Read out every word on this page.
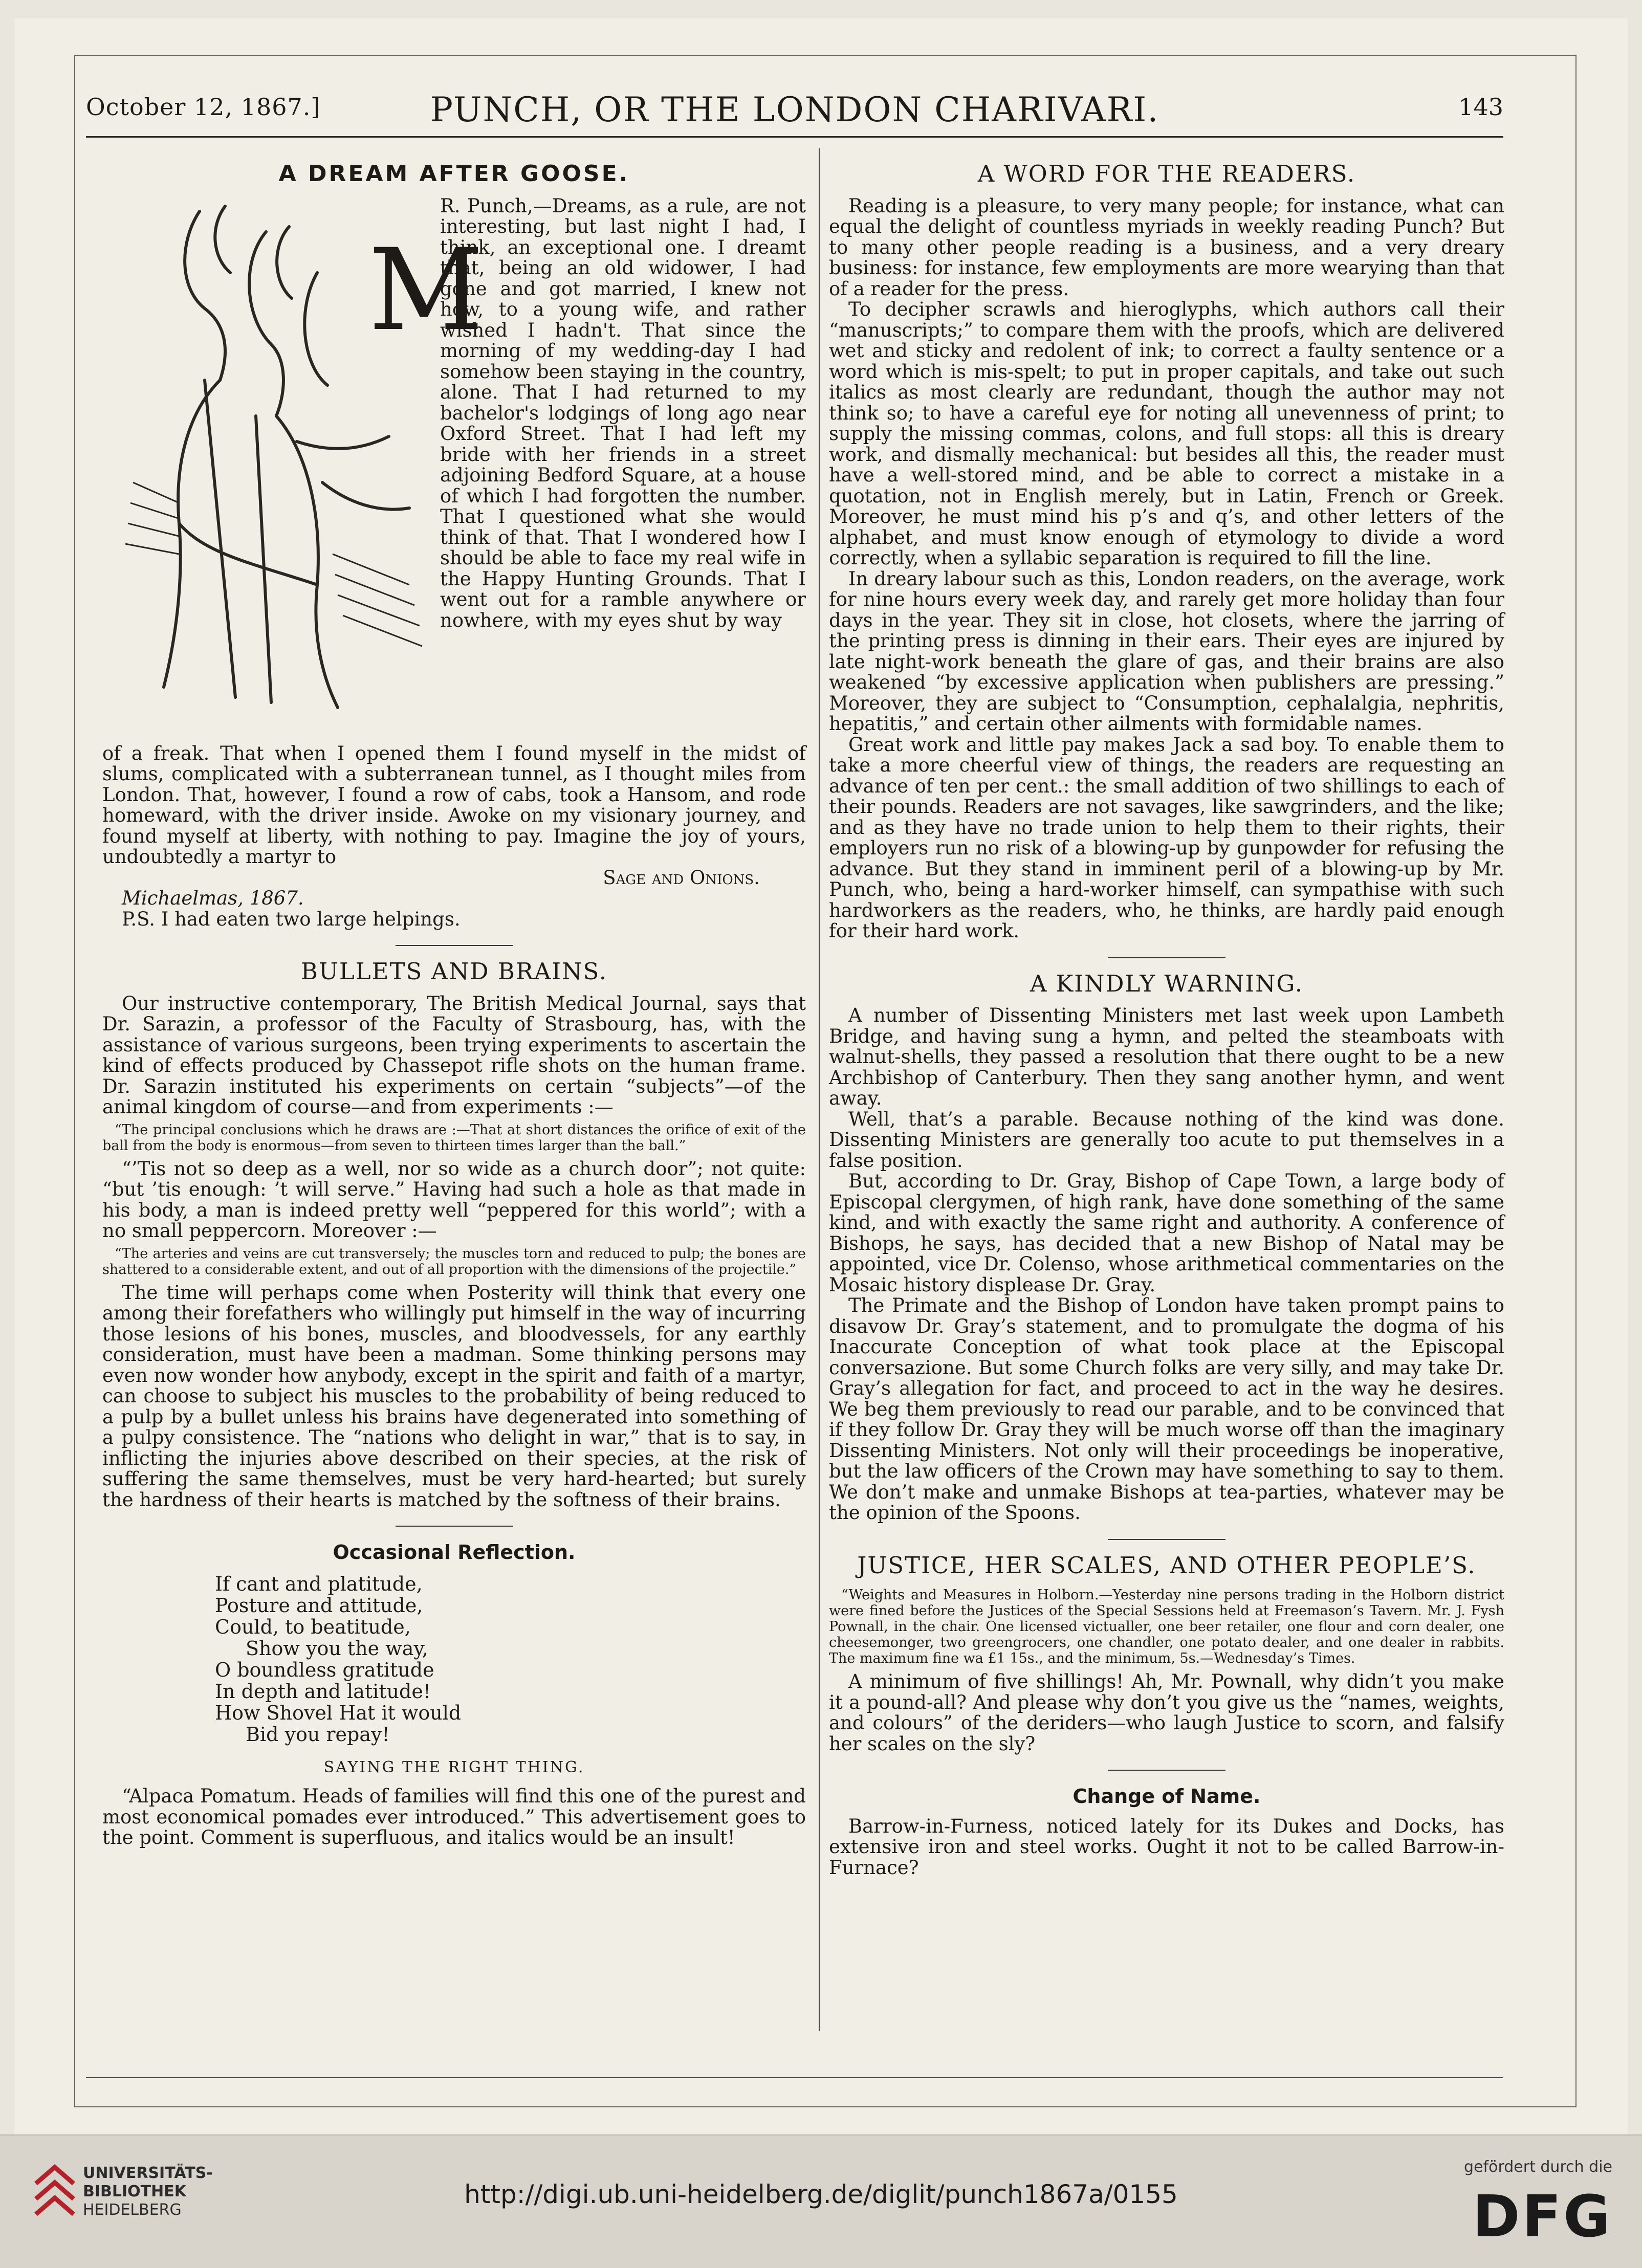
October 12, 1867.]	PUNCH, OR THE LONDON CHARIVARI.	143
A DREAM AFTER GOOSE.
M

R. Punch,—Dreams, as a rule, are not interesting, but last night I had, I think, an exceptional one. I dreamt that, being an old widower, I had gone and got married, I knew not how, to a young wife, and rather wished I hadn't. That since the morning of my wedding-day I had somehow been staying in the country, alone. That I had returned to my bachelor's lodgings of long ago near Oxford Street. That I had left my bride with her friends in a street adjoining Bedford Square, at a house of which I had forgotten the number. That I questioned what she would think of that. That I wondered how I should be able to face my real wife in the Happy Hunting Grounds. That I went out for a ramble anywhere or nowhere, with my eyes shut by way

of a freak. That when I opened them I found myself in the midst of slums, complicated with a subterranean tunnel, as I thought miles from London. That, however, I found a row of cabs, took a Hansom, and rode homeward, with the driver inside. Awoke on my visionary journey, and found myself at liberty, with nothing to pay. Imagine the joy of yours, undoubtedly a martyr to

Sage and Onions.

Michaelmas, 1867.

P.S. I had eaten two large helpings.

BULLETS AND BRAINS.

Our instructive contemporary, The British Medical Journal, says that Dr. Sarazin, a professor of the Faculty of Strasbourg, has, with the assistance of various surgeons, been trying experiments to ascertain the kind of effects produced by Chassepot rifle shots on the human frame. Dr. Sarazin instituted his experiments on certain “subjects”—of the animal kingdom of course—and from experiments :—

“The principal conclusions which he draws are :—That at short distances the orifice of exit of the ball from the body is enormous—from seven to thirteen times larger than the ball.”

“’Tis not so deep as a well, nor so wide as a church door”; not quite: “but ’tis enough: ’t will serve.” Having had such a hole as that made in his body, a man is indeed pretty well “peppered for this world”; with a no small peppercorn. Moreover :—

“The arteries and veins are cut transversely; the muscles torn and reduced to pulp; the bones are shattered to a considerable extent, and out of all proportion with the dimensions of the projectile.”

The time will perhaps come when Posterity will think that every one among their forefathers who willingly put himself in the way of incurring those lesions of his bones, muscles, and bloodvessels, for any earthly consideration, must have been a madman. Some thinking persons may even now wonder how anybody, except in the spirit and faith of a martyr, can choose to subject his muscles to the probability of being reduced to a pulp by a bullet unless his brains have degenerated into something of a pulpy consistence. The “nations who delight in war,” that is to say, in inflicting the injuries above described on their species, at the risk of suffering the same themselves, must be very hard-hearted; but surely the hardness of their hearts is matched by the softness of their brains.

Occasional Reflection.
If cant and platitude,
Posture and attitude,
Could, to beatitude,
Show you the way,
O boundless gratitude
In depth and latitude!
How Shovel Hat it would
Bid you repay!
SAYING THE RIGHT THING.

“Alpaca Pomatum. Heads of families will find this one of the purest and most economical pomades ever introduced.” This advertisement goes to the point. Comment is superfluous, and italics would be an insult!

A WORD FOR THE READERS.

Reading is a pleasure, to very many people; for instance, what can equal the delight of countless myriads in weekly reading Punch? But to many other people reading is a business, and a very dreary business: for instance, few employments are more wearying than that of a reader for the press.

To decipher scrawls and hieroglyphs, which authors call their “manuscripts;” to compare them with the proofs, which are delivered wet and sticky and redolent of ink; to correct a faulty sentence or a word which is mis-spelt; to put in proper capitals, and take out such italics as most clearly are redundant, though the author may not think so; to have a careful eye for noting all unevenness of print; to supply the missing commas, colons, and full stops: all this is dreary work, and dismally mechanical: but besides all this, the reader must have a well-stored mind, and be able to correct a mistake in a quotation, not in English merely, but in Latin, French or Greek. Moreover, he must mind his p’s and q’s, and other letters of the alphabet, and must know enough of etymology to divide a word correctly, when a syllabic separation is required to fill the line.

In dreary labour such as this, London readers, on the average, work for nine hours every week day, and rarely get more holiday than four days in the year. They sit in close, hot closets, where the jarring of the printing press is dinning in their ears. Their eyes are injured by late night-work beneath the glare of gas, and their brains are also weakened “by excessive application when publishers are pressing.” Moreover, they are subject to “Consumption, cephalalgia, nephritis, hepatitis,” and certain other ailments with formidable names.

Great work and little pay makes Jack a sad boy. To enable them to take a more cheerful view of things, the readers are requesting an advance of ten per cent.: the small addition of two shillings to each of their pounds. Readers are not savages, like sawgrinders, and the like; and as they have no trade union to help them to their rights, their employers run no risk of a blowing-up by gunpowder for refusing the advance. But they stand in imminent peril of a blowing-up by Mr. Punch, who, being a hard-worker himself, can sympathise with such hardworkers as the readers, who, he thinks, are hardly paid enough for their hard work.

A KINDLY WARNING.

A number of Dissenting Ministers met last week upon Lambeth Bridge, and having sung a hymn, and pelted the steamboats with walnut-shells, they passed a resolution that there ought to be a new Archbishop of Canterbury. Then they sang another hymn, and went away.

Well, that’s a parable. Because nothing of the kind was done. Dissenting Ministers are generally too acute to put themselves in a false position.

But, according to Dr. Gray, Bishop of Cape Town, a large body of Episcopal clergymen, of high rank, have done something of the same kind, and with exactly the same right and authority. A conference of Bishops, he says, has decided that a new Bishop of Natal may be appointed, vice Dr. Colenso, whose arithmetical commentaries on the Mosaic history displease Dr. Gray.

The Primate and the Bishop of London have taken prompt pains to disavow Dr. Gray’s statement, and to promulgate the dogma of his Inaccurate Conception of what took place at the Episcopal conversazione. But some Church folks are very silly, and may take Dr. Gray’s allegation for fact, and proceed to act in the way he desires. We beg them previously to read our parable, and to be convinced that if they follow Dr. Gray they will be much worse off than the imaginary Dissenting Ministers. Not only will their proceedings be inoperative, but the law officers of the Crown may have something to say to them. We don’t make and unmake Bishops at tea-parties, whatever may be the opinion of the Spoons.

JUSTICE, HER SCALES, AND OTHER PEOPLE’S.

“Weights and Measures in Holborn.—Yesterday nine persons trading in the Holborn district were fined before the Justices of the Special Sessions held at Freemason’s Tavern. Mr. J. Fysh Pownall, in the chair. One licensed victualler, one beer retailer, one flour and corn dealer, one cheesemonger, two greengrocers, one chandler, one potato dealer, and one dealer in rabbits. The maximum fine wa £1 15s., and the minimum, 5s.—Wednesday’s Times.

A minimum of five shillings! Ah, Mr. Pownall, why didn’t you make it a pound-all? And please why don’t you give us the “names, weights, and colours” of the deriders—who laugh Justice to scorn, and falsify her scales on the sly?

Change of Name.

Barrow-in-Furness, noticed lately for its Dukes and Docks, has extensive iron and steel works. Ought it not to be called Barrow-in-Furnace?

UNIVERSITÄTS-
BIBLIOTHEK
HEIDELBERG
http://digi.ub.uni-heidelberg.de/diglit/punch1867a/0155
gefördert durch die
DFG
